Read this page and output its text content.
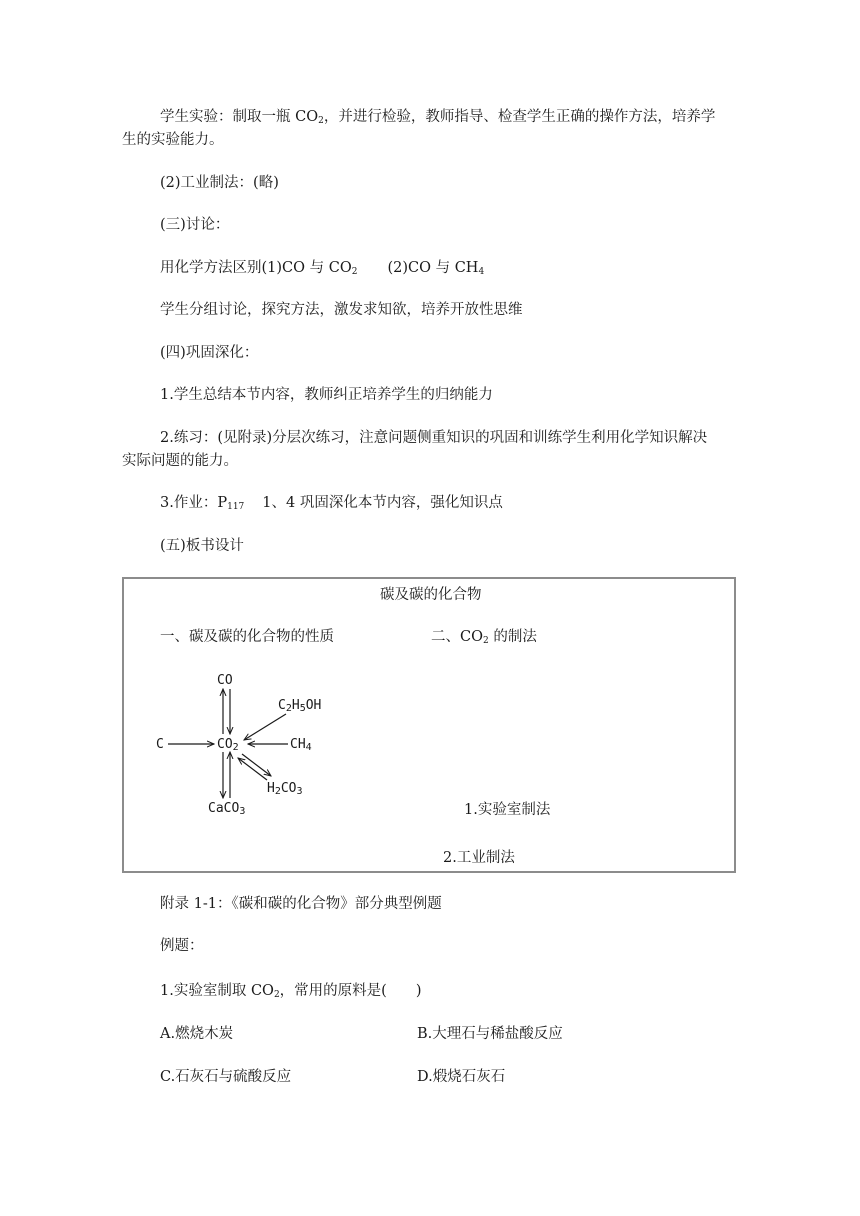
学生实验：制取一瓶 $CO_2$，并进行检验，教师指导、检查学生正确的操作方法，培养学
生的实验能力。
(2)工业制法：(略)
(三)讨论：
用化学方法区别(1)CO 与 $CO_2$ (2)CO 与 $CH_4$
学生分组讨论，探究方法，激发求知欲，培养开放性思维
(四)巩固深化：
1.学生总结本节内容，教师纠正培养学生的归纳能力
2.练习：(见附录)分层次练习，注意问题侧重知识的巩固和训练学生利用化学知识解决
实际问题的能力。
3.作业：$P_{117}$ 1、4 巩固深化本节内容，强化知识点
(五)板书设计
碳及碳的化合物
一、碳及碳的化合物的性质	二、$CO_2$ 的制法
CO
C2H5OH
C	CO2	CH4
H2CO3
CaCO3	1.实验室制法
2.工业制法
附录 1-1：《碳和碳的化合物》部分典型例题
例题：
1.实验室制取 $CO_2$，常用的原料是(　　)
A.燃烧木炭	B.大理石与稀盐酸反应
C.石灰石与硫酸反应	D.煅烧石灰石
